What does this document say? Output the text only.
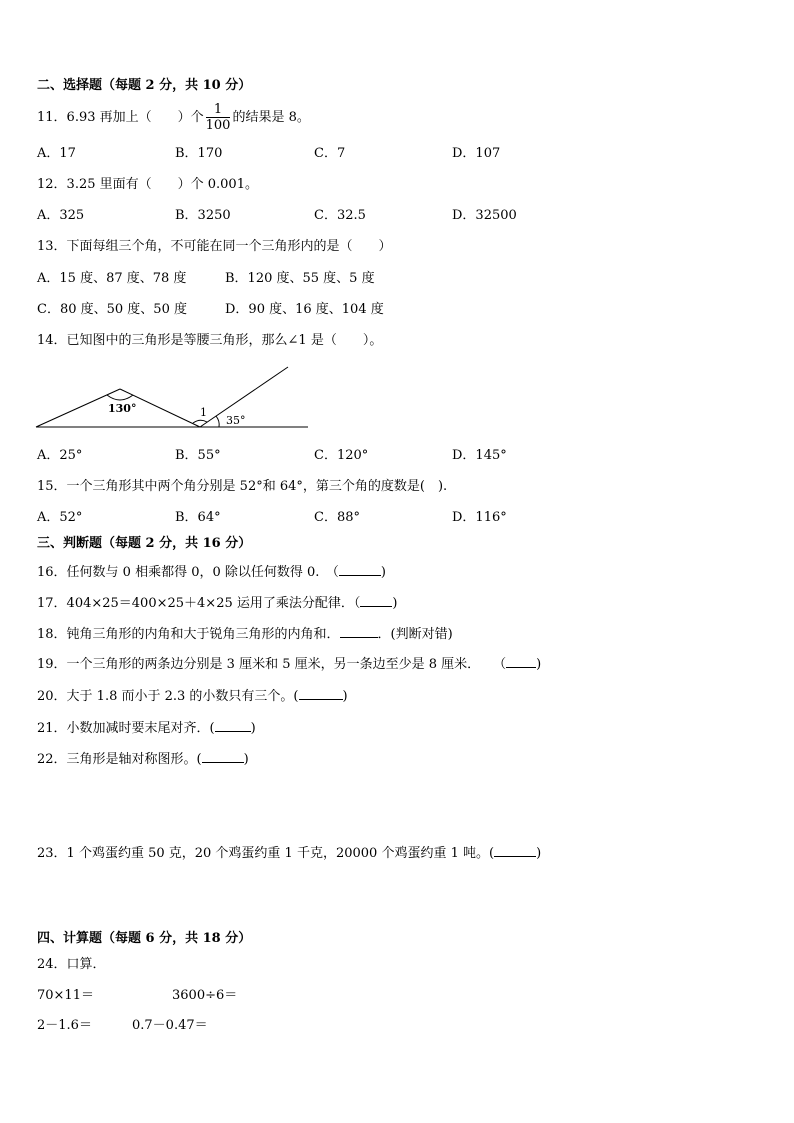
二、选择题（每题 2 分，共 10 分）
11．6.93 再加上（　　）个 $\frac{1}{100}$ 的结果是 8。
A．17	B．170	C．7	D．107
12．3.25 里面有（　　）个 0.001。
A．325	B．3250	C．32.5	D．32500
13．下面每组三个角，不可能在同一个三角形内的是（　　）
A．15 度、87 度、78 度	B．120 度、55 度、5 度
C．80 度、50 度、50 度	D．90 度、16 度、104 度
14．已知图中的三角形是等腰三角形，那么∠1 是（　　）。
130°	1
35°
A．25°	B．55°	C．120°	D．145°
15．一个三角形其中两个角分别是 52°和 64°，第三个角的度数是(　).
A．52°	B．64°	C．88°	D．116°
三、判断题（每题 2 分，共 16 分）
16．任何数与 0 相乘都得 0，0 除以任何数得 0.　（	)
17．404×25＝400×25＋4×25 运用了乘法分配律．（ )
18．钝角三角形的内角和大于锐角三角形的内角和．	．(判断对错)
19．一个三角形的两条边分别是 3 厘米和 5 厘米，另一条边至少是 8 厘米．　　（ )
20．大于 1.8 而小于 2.3 的小数只有三个。(	)
21．小数加减时要末尾对齐．(	)
22．三角形是轴对称图形。(	)
23．1 个鸡蛋约重 50 克，20 个鸡蛋约重 1 千克，20000 个鸡蛋约重 1 吨。(	)
四、计算题（每题 6 分，共 18 分）
24．口算．
70×11＝	3600÷6＝
2－1.6＝	0.7－0.47＝
